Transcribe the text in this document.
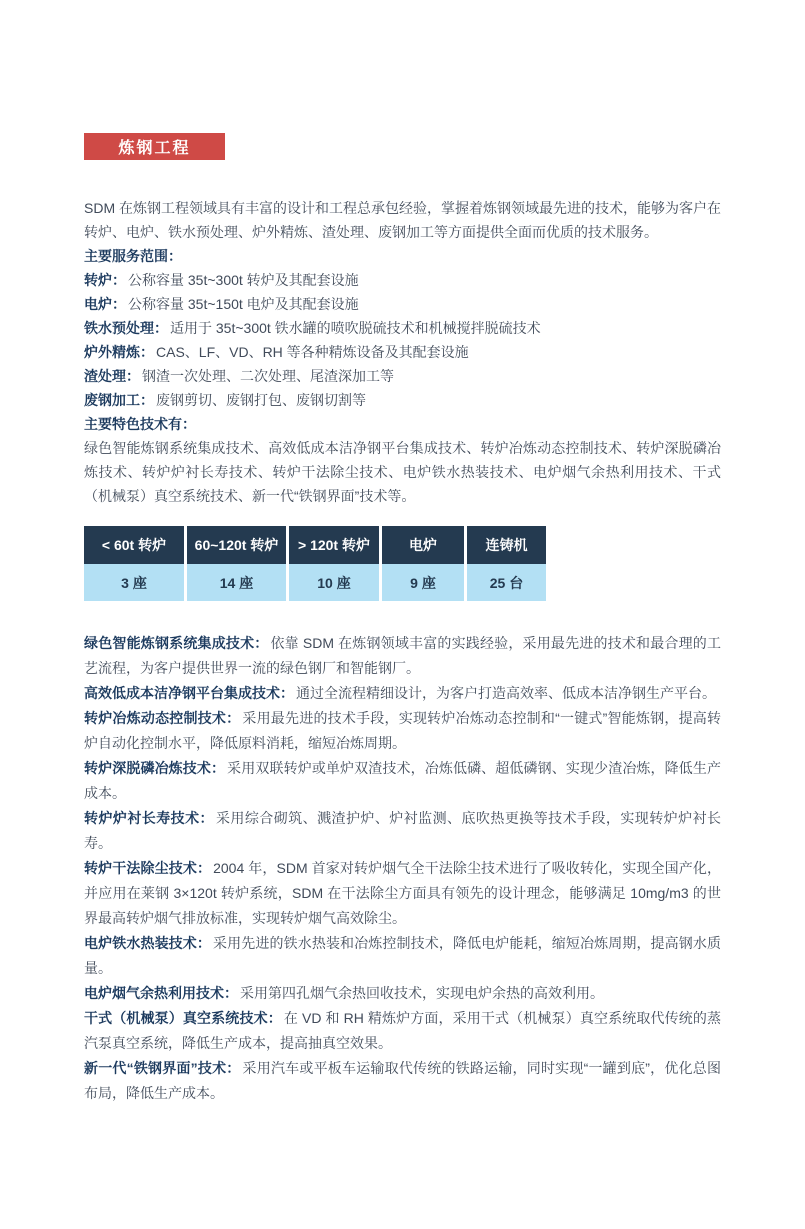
炼钢工程

SDM 在炼钢工程领域具有丰富的设计和工程总承包经验，掌握着炼钢领域最先进的技术，能够为客户在转炉、电炉、铁水预处理、炉外精炼、渣处理、废钢加工等方面提供全面而优质的技术服务。

主要服务范围：

转炉： 公称容量 35t~300t 转炉及其配套设施

电炉： 公称容量 35t~150t 电炉及其配套设施

铁水预处理： 适用于 35t~300t 铁水罐的喷吹脱硫技术和机械搅拌脱硫技术

炉外精炼： CAS、LF、VD、RH 等各种精炼设备及其配套设施

渣处理： 钢渣一次处理、二次处理、尾渣深加工等

废钢加工： 废钢剪切、废钢打包、废钢切割等

主要特色技术有：

绿色智能炼钢系统集成技术、高效低成本洁净钢平台集成技术、转炉冶炼动态控制技术、转炉深脱磷冶炼技术、转炉炉衬长寿技术、转炉干法除尘技术、电炉铁水热装技术、电炉烟气余热利用技术、干式（机械泵）真空系统技术、新一代“铁钢界面”技术等。

< 60t 转炉	60~120t 转炉	> 120t 转炉	电炉	连铸机
3 座	14 座	10 座	9 座	25 台

绿色智能炼钢系统集成技术： 依靠 SDM 在炼钢领域丰富的实践经验，采用最先进的技术和最合理的工艺流程，为客户提供世界一流的绿色钢厂和智能钢厂。

高效低成本洁净钢平台集成技术： 通过全流程精细设计，为客户打造高效率、低成本洁净钢生产平台。

转炉冶炼动态控制技术： 采用最先进的技术手段，实现转炉冶炼动态控制和“一键式”智能炼钢，提高转炉自动化控制水平，降低原料消耗，缩短冶炼周期。

转炉深脱磷冶炼技术： 采用双联转炉或单炉双渣技术，冶炼低磷、超低磷钢、实现少渣冶炼，降低生产成本。

转炉炉衬长寿技术： 采用综合砌筑、溅渣护炉、炉衬监测、底吹热更换等技术手段，实现转炉炉衬长寿。

转炉干法除尘技术： 2004 年，SDM 首家对转炉烟气全干法除尘技术进行了吸收转化，实现全国产化，并应用在莱钢 3×120t 转炉系统，SDM 在干法除尘方面具有领先的设计理念，能够满足 10mg/m3 的世界最高转炉烟气排放标准，实现转炉烟气高效除尘。

电炉铁水热装技术： 采用先进的铁水热装和冶炼控制技术，降低电炉能耗，缩短冶炼周期，提高钢水质量。

电炉烟气余热利用技术： 采用第四孔烟气余热回收技术，实现电炉余热的高效利用。

干式（机械泵）真空系统技术： 在 VD 和 RH 精炼炉方面，采用干式（机械泵）真空系统取代传统的蒸汽泵真空系统，降低生产成本，提高抽真空效果。

新一代“铁钢界面”技术： 采用汽车或平板车运输取代传统的铁路运输，同时实现“一罐到底”，优化总图布局，降低生产成本。
